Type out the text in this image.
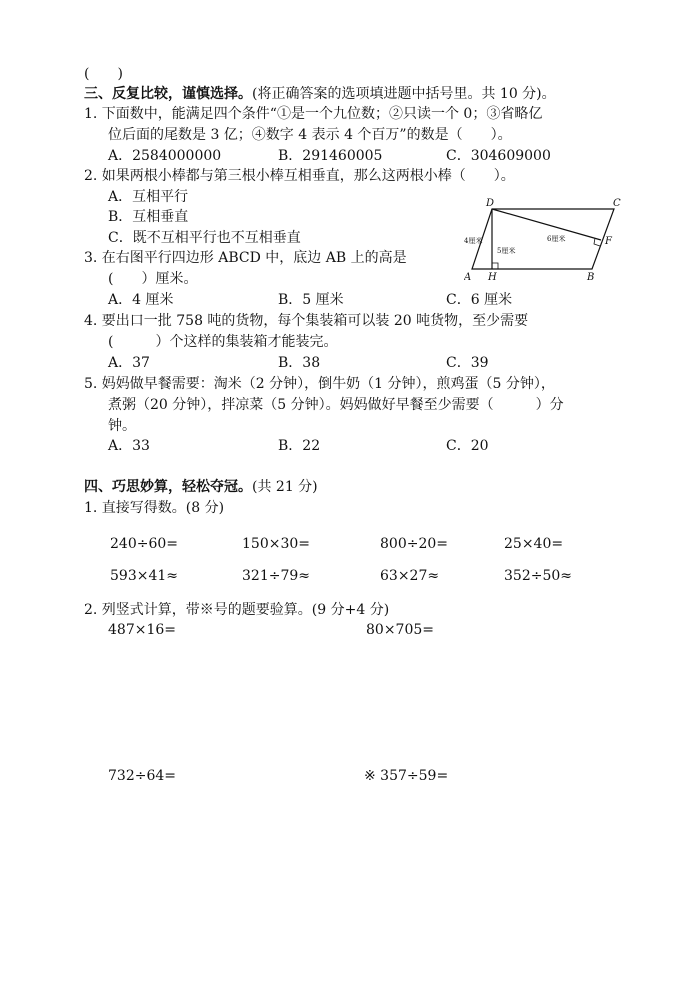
(　　)
三、反复比较，谨慎选择。(将正确答案的选项填进题中括号里。共 10 分)。
1. 下面数中，能满足四个条件“①是一个九位数；②只读一个 0；③省略亿
位后面的尾数是 3 亿；④数字 4 表示 4 个百万”的数是（　　）。
A．2584000000	B．291460005	C．304609000
2. 如果两根小棒都与第三根小棒互相垂直，那么这两根小棒（　　）。
A．互相平行
B．互相垂直
C．既不互相平行也不互相垂直
3. 在右图平行四边形 ABCD 中，底边 AB 上的高是
(　　）厘米。
A．4 厘米	B．5 厘米	C．6 厘米
D	C
A H	B
F
4厘米
5厘米
6厘米
4. 要出口一批 758 吨的货物，每个集装箱可以装 20 吨货物，至少需要
(　　　）个这样的集装箱才能装完。
A．37	B．38	C．39
5. 妈妈做早餐需要：淘米（2 分钟），倒牛奶（1 分钟），煎鸡蛋（5 分钟），
煮粥（20 分钟），拌凉菜（5 分钟）。妈妈做好早餐至少需要（　　　）分
钟。
A．33	B．22	C．20
四、巧思妙算，轻松夺冠。(共 21 分)
1. 直接写得数。(8 分)
240÷60=	150×30=	800÷20=	25×40=
593×41≈	321÷79≈	63×27≈	352÷50≈
2. 列竖式计算，带※号的题要验算。(9 分+4 分)
487×16=	80×705=
732÷64=	※ 357÷59=
